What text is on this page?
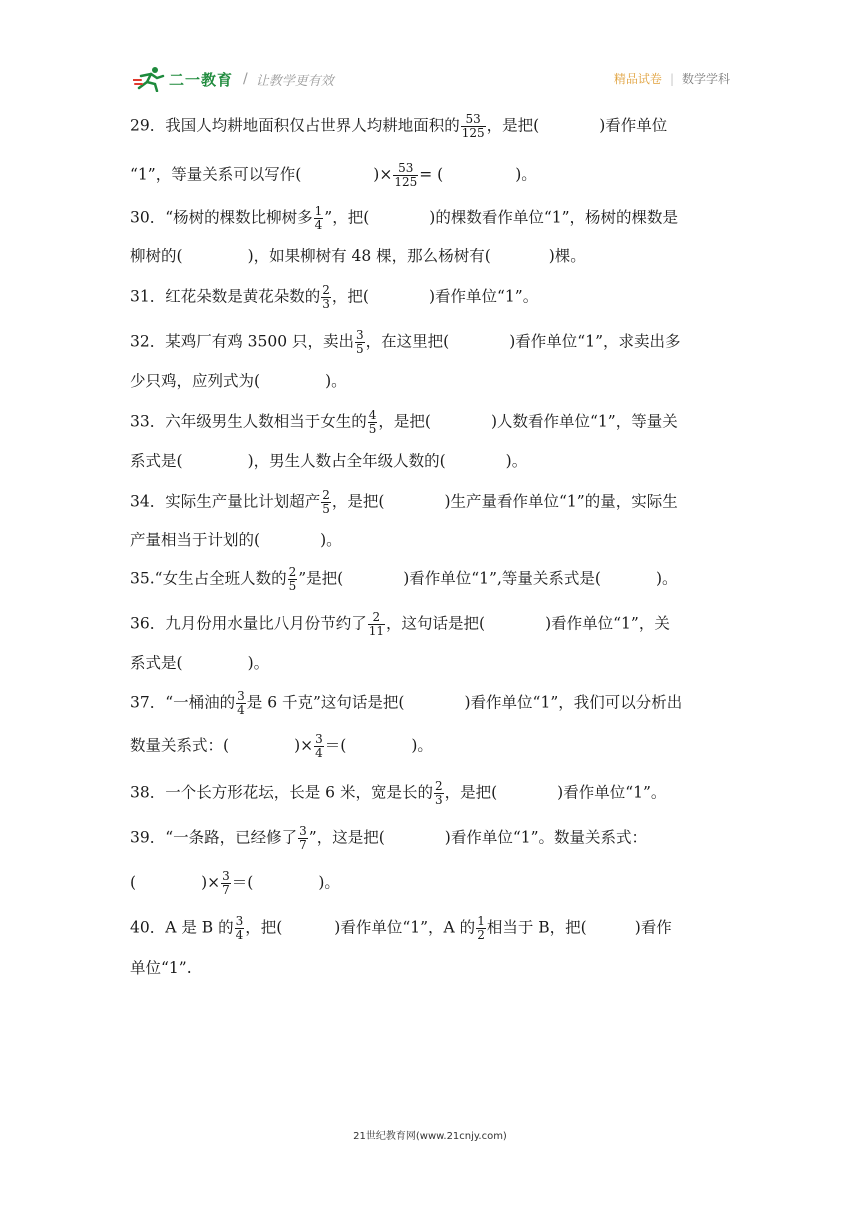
二一教育 / 让教学更有效	精品试卷 | 数学学科
29．我国人均耕地面积仅占世界人均耕地面积的 $\frac{53}{125}$ ，是把(	)看作单位
“1”，等量关系可以写作(	)× $\frac{53}{125}$ = (	)。
30．“杨树的棵数比柳树多 $\frac{1}{4}$ ”，把(	)的棵数看作单位“1”，杨树的棵数是
柳树的(	)，如果柳树有 48 棵，那么杨树有(	)棵。
31．红花朵数是黄花朵数的 $\frac{2}{3}$ ，把(	)看作单位“1”。
32．某鸡厂有鸡 3500 只，卖出 $\frac{3}{5}$ ，在这里把(	)看作单位“1”，求卖出多
少只鸡，应列式为(	)。
33．六年级男生人数相当于女生的 $\frac{4}{5}$ ，是把(	)人数看作单位“1”，等量关
系式是(	)，男生人数占全年级人数的(	)。
34．实际生产量比计划超产 $\frac{2}{5}$ ，是把(	)生产量看作单位“1”的量，实际生
产量相当于计划的(	)。
35.“女生占全班人数的 $\frac{2}{5}$ ”是把(	)看作单位“1”,等量关系式是(	)。
36．九月份用水量比八月份节约了 $\frac{2}{11}$ ，这句话是把(	)看作单位“1”，关
系式是(	)。
37．“一桶油的 $\frac{3}{4}$ 是 6 千克”这句话是把(	)看作单位“1”，我们可以分析出
数量关系式：(	)× $\frac{3}{4}$ ＝(	)。
38．一个长方形花坛，长是 6 米，宽是长的 $\frac{2}{3}$ ，是把(	)看作单位“1”。
39．“一条路，已经修了 $\frac{3}{7}$ ”，这是把(	)看作单位“1”。数量关系式：
(	)× $\frac{3}{7}$ ＝(	)。
40．A 是 B 的 $\frac{3}{4}$ ，把(	)看作单位“1”，A 的 $\frac{1}{2}$ 相当于 B，把(	)看作
单位“1”.
21世纪教育网(www.21cnjy.com)
